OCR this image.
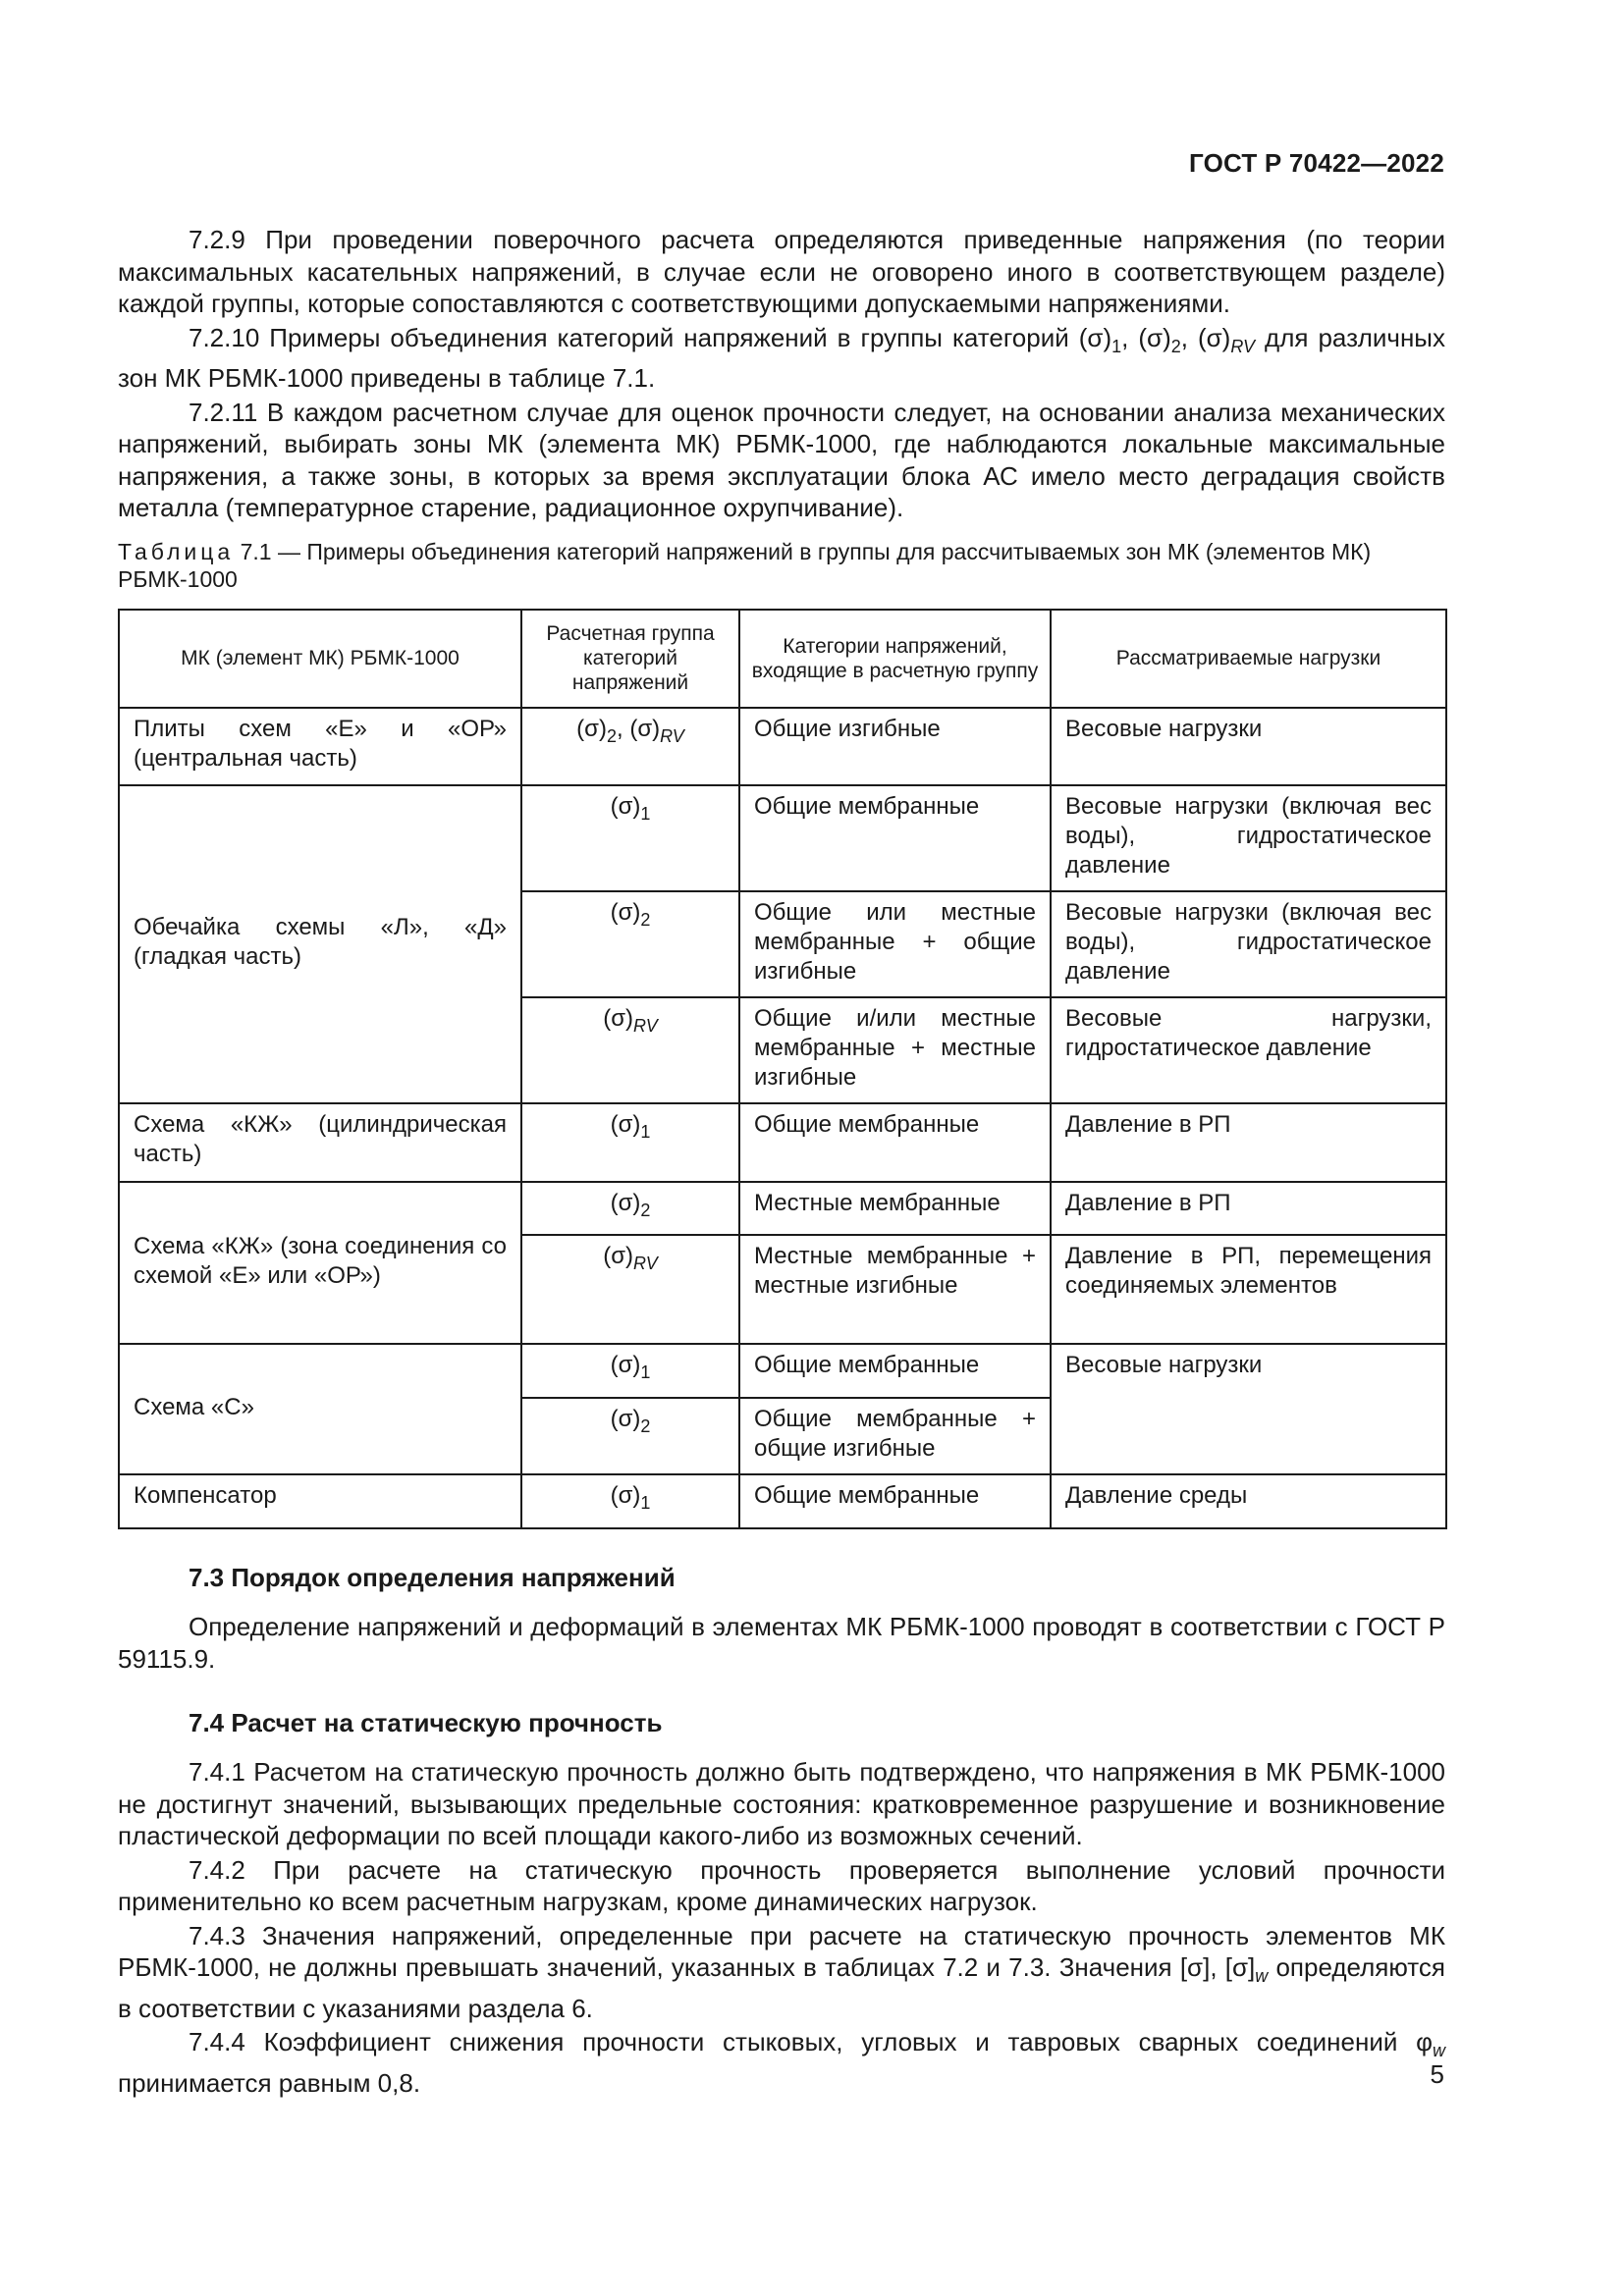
ГОСТ Р 70422—2022

7.2.9 При проведении поверочного расчета определяются приведенные напряжения (по теории максимальных касательных напряжений, в случае если не оговорено иного в соответствующем разделе) каждой группы, которые сопоставляются с соответствующими допускаемыми напряжениями.

7.2.10 Примеры объединения категорий напряжений в группы категорий $(\sigma)_1$, $(\sigma)_2$, $(\sigma)_{RV}$ для различных зон МК РБМК-1000 приведены в таблице 7.1.

7.2.11 В каждом расчетном случае для оценок прочности следует, на основании анализа механических напряжений, выбирать зоны МК (элемента МК) РБМК-1000, где наблюдаются локальные максимальные напряжения, а также зоны, в которых за время эксплуатации блока АС имело место деградация свойств металла (температурное старение, радиационное охрупчивание).

Таблица 7.1 — Примеры объединения категорий напряжений в группы для рассчитываемых зон МК (элементов МК) РБМК-1000

МК (элемент МК) РБМК-1000	Расчетная группа категорий напряжений	Категории напряжений, входящие в расчетную группу	Рассматриваемые нагрузки
Плиты схем «Е» и «ОР» (центральная часть)	$(\sigma)_2$, $(\sigma)_{RV}$	Общие изгибные	Весовые нагрузки
Обечайка схемы «Л», «Д» (гладкая часть)	$(\sigma)_1$	Общие мембранные	Весовые нагрузки (включая вес воды), гидростатическое давление
	$(\sigma)_2$	Общие или местные мембранные + общие изгибные	Весовые нагрузки (включая вес воды), гидростатическое давление
	$(\sigma)_{RV}$	Общие и/или местные мембранные + местные изгибные	Весовые нагрузки, гидростатическое давление
Схема «КЖ» (цилиндрическая часть)	$(\sigma)_1$	Общие мембранные	Давление в РП
Схема «КЖ» (зона соединения со схемой «Е» или «ОР»)	$(\sigma)_2$	Местные мембранные	Давление в РП
	$(\sigma)_{RV}$	Местные мембранные + местные изгибные	Давление в РП, перемещения соединяемых элементов
Схема «С»	$(\sigma)_1$	Общие мембранные	Весовые нагрузки
	$(\sigma)_2$	Общие мембранные + общие изгибные	
Компенсатор	$(\sigma)_1$	Общие мембранные	Давление среды
7.3 Порядок определения напряжений

Определение напряжений и деформаций в элементах МК РБМК-1000 проводят в соответствии с ГОСТ Р 59115.9.

7.4 Расчет на статическую прочность

7.4.1 Расчетом на статическую прочность должно быть подтверждено, что напряжения в МК РБМК-1000 не достигнут значений, вызывающих предельные состояния: кратковременное разрушение и возникновение пластической деформации по всей площади какого-либо из возможных сечений.

7.4.2 При расчете на статическую прочность проверяется выполнение условий прочности применительно ко всем расчетным нагрузкам, кроме динамических нагрузок.

7.4.3 Значения напряжений, определенные при расчете на статическую прочность элементов МК РБМК-1000, не должны превышать значений, указанных в таблицах 7.2 и 7.3. Значения [σ], $[\sigma]_w$ определяются в соответствии с указаниями раздела 6.

7.4.4 Коэффициент снижения прочности стыковых, угловых и тавровых сварных соединений $\varphi_w$ принимается равным 0,8.	5
